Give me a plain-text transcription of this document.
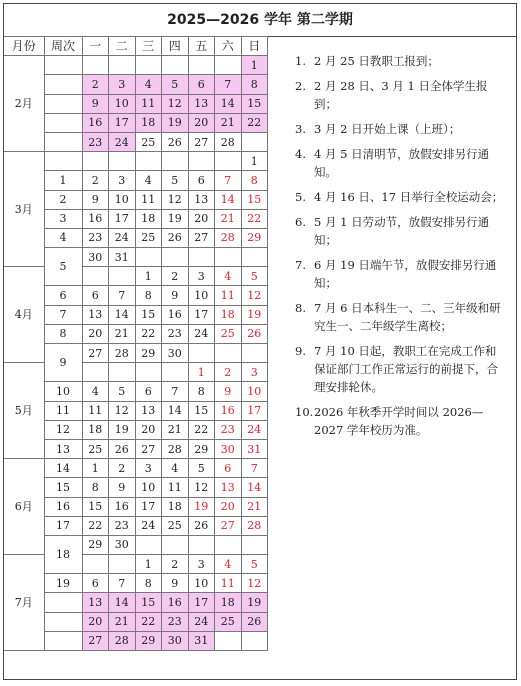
2025—2026 学年 第二学期
月份	周次	一	二	三	四	五	六	日
2月								1
		2	3	4	5	6	7	8
		9	10	11	12	13	14	15
		16	17	18	19	20	21	22
		23	24	25	26	27	28	
3月								1
	1	2	3	4	5	6	7	8
	2	9	10	11	12	13	14	15
	3	16	17	18	19	20	21	22
	4	23	24	25	26	27	28	29
	5	30	31					
4月				1	2	3	4	5
	6	6	7	8	9	10	11	12
	7	13	14	15	16	17	18	19
	8	20	21	22	23	24	25	26
	9	27	28	29	30			
5月						1	2	3
	10	4	5	6	7	8	9	10
	11	11	12	13	14	15	16	17
	12	18	19	20	21	22	23	24
	13	25	26	27	28	29	30	31
6月	14	1	2	3	4	5	6	7
	15	8	9	10	11	12	13	14
	16	15	16	17	18	19	20	21
	17	22	23	24	25	26	27	28
	18	29	30					
7月				1	2	3	4	5
	19	6	7	8	9	10	11	12
		13	14	15	16	17	18	19
		20	21	22	23	24	25	26
		27	28	29	30	31		
1. 2 月 25 日教职工报到；
2. 2 月 28 日、3 月 1 日全体学生报到；
3. 3 月 2 日开始上课（上班）；
4. 4 月 5 日清明节，放假安排另行通知。
5. 4 月 16 日、17 日举行全校运动会；
6. 5 月 1 日劳动节，放假安排另行通知；
7. 6 月 19 日端午节，放假安排另行通知；
8. 7 月 6 日本科生一、二、三年级和研究生一、二年级学生离校；
9. 7 月 10 日起，教职工在完成工作和保证部门工作正常运行的前提下，合理安排轮休。
10. 2026 年秋季开学时间以 2026—2027 学年校历为准。
